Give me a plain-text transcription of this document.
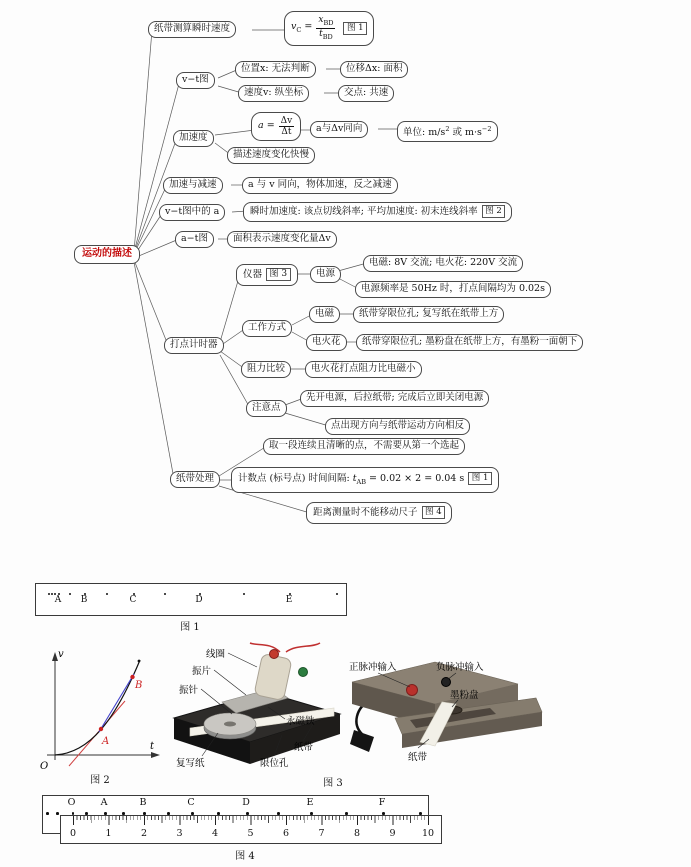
运动的描述
纸带测算瞬时速度	$v_C = \frac{x_{BD}}{t_{BD}}$	图 1
v−t图
位置x: 无法判断	位移Δx: 面积
速度v: 纵坐标	交点: 共速
加速度
$a = \frac{\Delta v}{\Delta t}$	a与Δv同向	单位: $m/s^2$ 或 $m\cdot s^{-2}$
描述速度变化快慢
加速与减速	a 与 v 同向，物体加速，反之减速
v−t图中的 a	瞬时加速度: 该点切线斜率; 平均加速度: 初末连线斜率 图 2
a−t图	面积表示速度变化量Δv
打点计时器
仪器 图 3	电源
电磁: 8V 交流; 电火花: 220V 交流
电源频率是 50Hz 时，打点间隔均为 0.02s
工作方式
电磁	纸带穿限位孔; 复写纸在纸带上方
电火花	纸带穿限位孔; 墨粉盘在纸带上方，有墨粉一面朝下
阻力比较	电火花打点阻力比电磁小
注意点
先开电源，后拉纸带; 完成后立即关闭电源
点出现方向与纸带运动方向相反
纸带处理
取一段连续且清晰的点，不需要从第一个选起
计数点 (标号点) 时间间隔: $t_{AB} = 0.02 \times 2 = 0.04$ s 图 1
距离测量时不能移动尺子 图 4
A	B	C	D	E
图 1
v
t
O
A
B
图 2
线圈
振片
振针
永磁铁
纸带
限位孔
复写纸
正脉冲输入	负脉冲输入
墨粉盘
纸带
图 3
0	1	2	3	4	5	6	7	8	9	10
O	A	B	C	D	E	F
图 4
